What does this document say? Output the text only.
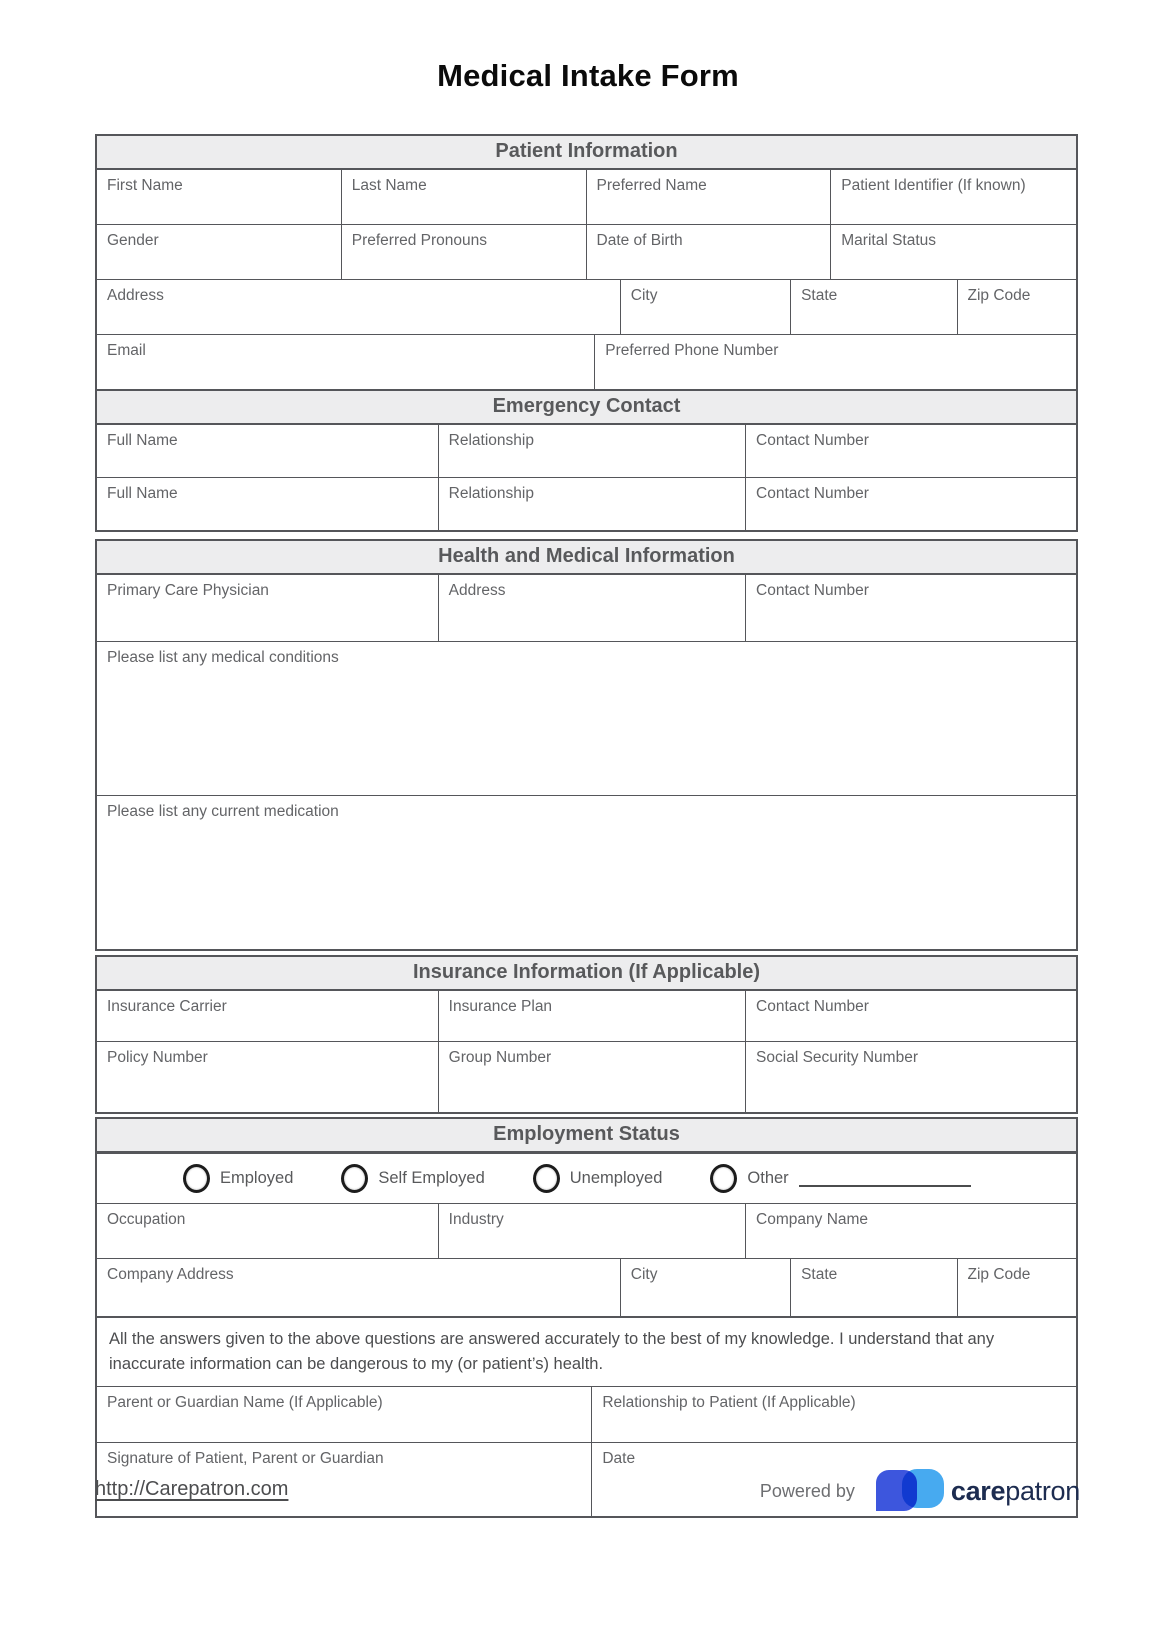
Medical Intake Form
Patient Information
First Name	Last Name	Preferred Name	Patient Identifier (If known)
Gender	Preferred Pronouns	Date of Birth	Marital Status
Address	City	State	Zip Code
Email	Preferred Phone Number
Emergency Contact
Full Name	Relationship	Contact Number
Full Name	Relationship	Contact Number
Health and Medical Information
Primary Care Physician	Address	Contact Number
Please list any medical conditions
Please list any current medication
Insurance Information (If Applicable)
Insurance Carrier	Insurance Plan	Contact Number
Policy Number	Group Number	Social Security Number
Employment Status
Employed	Self Employed	Unemployed	Other
Occupation	Industry	Company Name
Company Address	City	State	Zip Code
All the answers given to the above questions are answered accurately to the best of my knowledge. I understand that any inaccurate information can be dangerous to my (or patient’s) health.
Parent or Guardian Name (If Applicable)	Relationship to Patient (If Applicable)
Signature of Patient, Parent or Guardian	Date
http://Carepatron.com	Powered by	carepatron
